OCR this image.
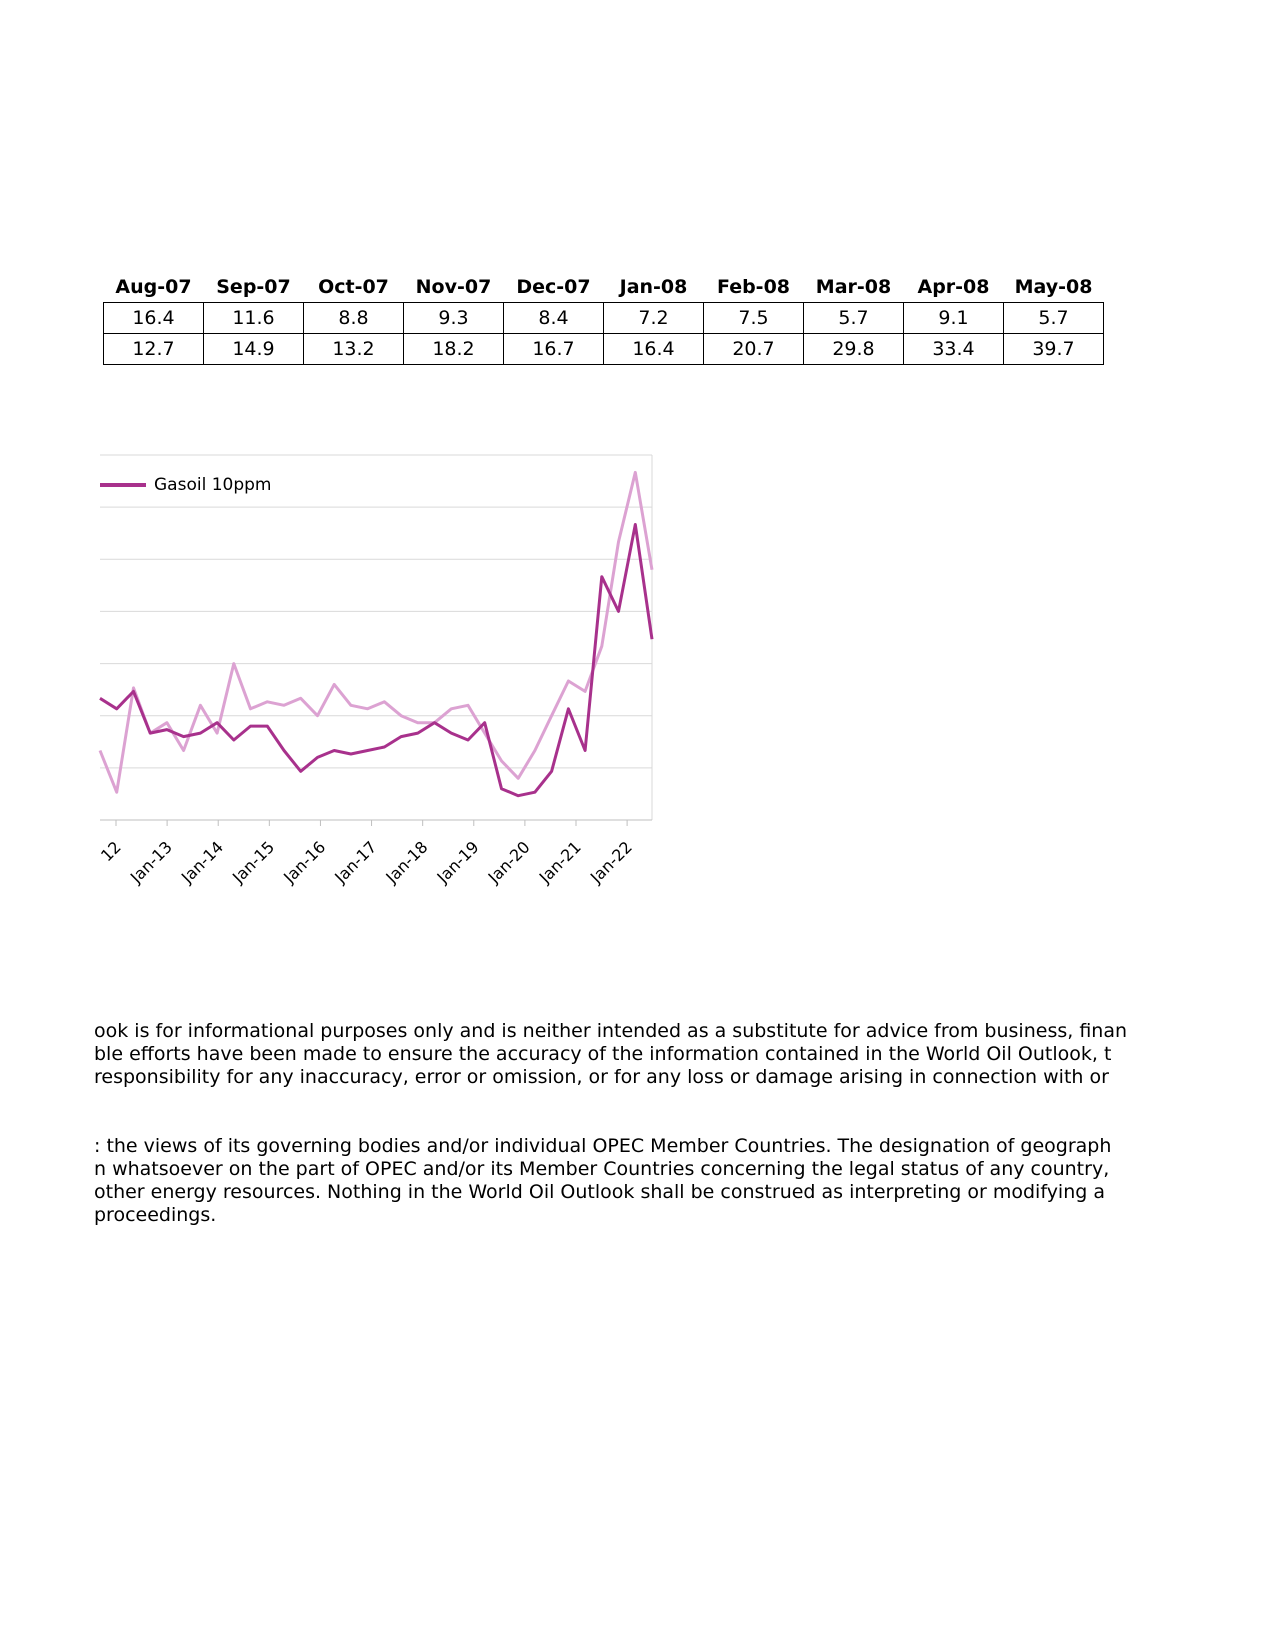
Aug-07	Sep-07	Oct-07	Nov-07	Dec-07	Jan-08	Feb-08	Mar-08	Apr-08	May-08
16.4	11.6	8.8	9.3	8.4	7.2	7.5	5.7	9.1	5.7
12.7	14.9	13.2	18.2	16.7	16.4	20.7	29.8	33.4	39.7
12 Jan-13 Jan-14 Jan-15 Jan-16 Jan-17 Jan-18 Jan-19 Jan-20 Jan-21 Jan-22
Gasoil 10ppm
ook is for informational purposes only and is neither intended as a substitute for advice from business, finan
ble efforts have been made to ensure the accuracy of the information contained in the World Oil Outlook, t
responsibility for any inaccuracy, error or omission, or for any loss or damage arising in connection with or
: the views of its governing bodies and/or individual OPEC Member Countries. The designation of geograph
n whatsoever on the part of OPEC and/or its Member Countries concerning the legal status of any country,
other energy resources. Nothing in the World Oil Outlook shall be construed as interpreting or modifying a
proceedings.
